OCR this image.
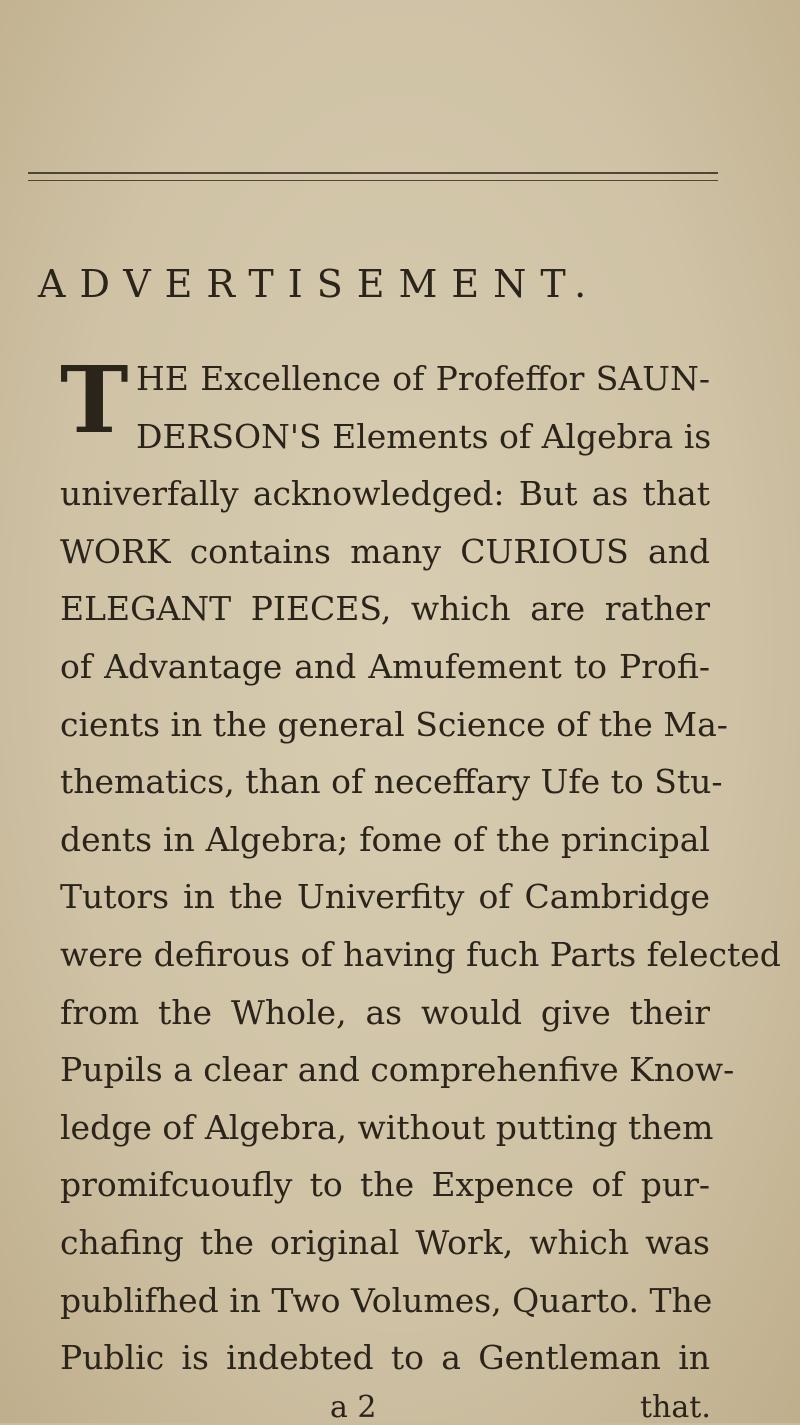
ADVERTISEMENT.
T HE Excellence of Profeffor SAUN-
DERSON'S Elements of Algebra is
univerfally acknowledged: But as that
WORK contains many CURIOUS and
ELEGANT PIECES, which are rather
of Advantage and Amufement to Profi-
cients in the general Science of the Ma-
thematics, than of neceffary Ufe to Stu-
dents in Algebra; fome of the principal
Tutors in the Univerfity of Cambridge
were defirous of having fuch Parts felected
from the Whole, as would give their
Pupils a clear and comprehenfive Know-
ledge of Algebra, without putting them
promifcuoufly to the Expence of pur-
chafing the original Work, which was
publifhed in Two Volumes, Quarto. The
Public is indebted to a Gentleman in
a 2	that.
